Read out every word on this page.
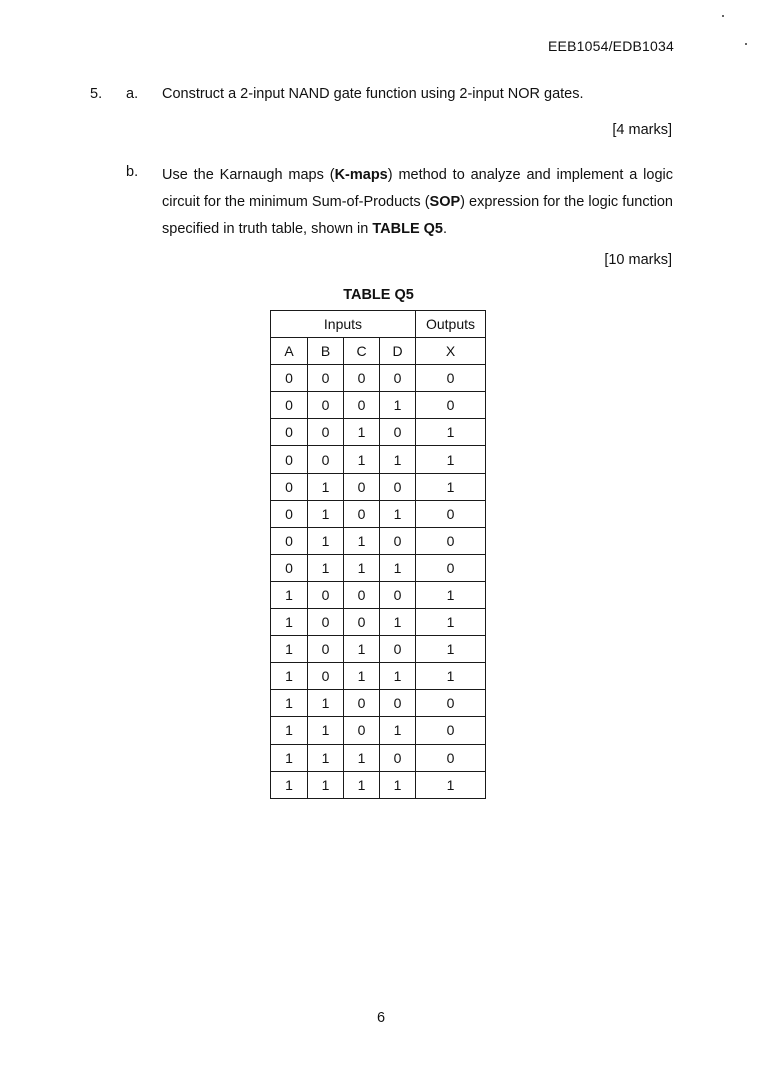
EEB1054/EDB1034
5. a. Construct a 2-input NAND gate function using 2-input NOR gates.
[4 marks]
b. Use the Karnaugh maps (K-maps) method to analyze and implement a logic circuit for the minimum Sum-of-Products (SOP) expression for the logic function specified in truth table, shown in TABLE Q5.
[10 marks]
TABLE Q5
Inputs				Outputs
A	B	C	D	X
0	0	0	0	0
0	0	0	1	0
0	0	1	0	1
0	0	1	1	1
0	1	0	0	1
0	1	0	1	0
0	1	1	0	0
0	1	1	1	0
1	0	0	0	1
1	0	0	1	1
1	0	1	0	1
1	0	1	1	1
1	1	0	0	0
1	1	0	1	0
1	1	1	0	0
1	1	1	1	1
6
